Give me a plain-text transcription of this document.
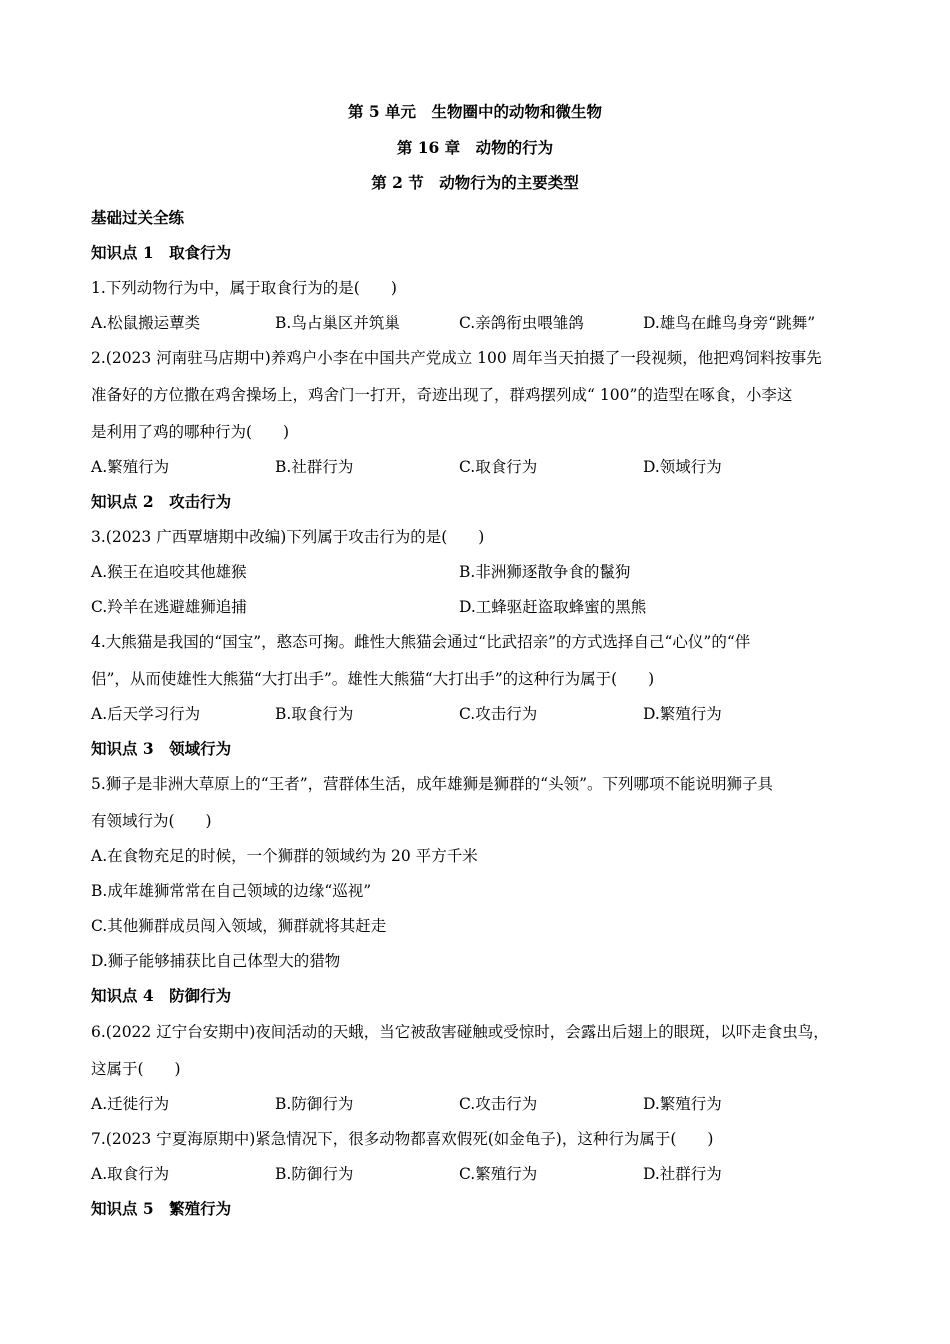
第 5 单元　生物圈中的动物和微生物
第 16 章　动物的行为
第 2 节　动物行为的主要类型
基础过关全练
知识点 1　取食行为
1.下列动物行为中，属于取食行为的是(　　)
A.松鼠搬运蕈类	B.鸟占巢区并筑巢	C.亲鸽衔虫喂雏鸽	D.雄鸟在雌鸟身旁“跳舞”
2.(2023 河南驻马店期中)养鸡户小李在中国共产党成立 100 周年当天拍摄了一段视频，他把鸡饲料按事先
准备好的方位撒在鸡舍操场上，鸡舍门一打开，奇迹出现了，群鸡摆列成“ 100”的造型在啄食，小李这
是利用了鸡的哪种行为(　　)
A.繁殖行为	B.社群行为	C.取食行为	D.领域行为
知识点 2　攻击行为
3.(2023 广西覃塘期中改编)下列属于攻击行为的是(　　)
A.猴王在追咬其他雄猴	B.非洲狮逐散争食的鬣狗
C.羚羊在逃避雄狮追捕	D.工蜂驱赶盗取蜂蜜的黑熊
4.大熊猫是我国的“国宝”，憨态可掬。雌性大熊猫会通过“比武招亲”的方式选择自己“心仪”的“伴
侣”，从而使雄性大熊猫“大打出手”。雄性大熊猫“大打出手”的这种行为属于(　　)
A.后天学习行为	B.取食行为	C.攻击行为	D.繁殖行为
知识点 3　领域行为
5.狮子是非洲大草原上的“王者”，营群体生活，成年雄狮是狮群的“头领”。下列哪项不能说明狮子具
有领域行为(　　)
A.在食物充足的时候，一个狮群的领域约为 20 平方千米
B.成年雄狮常常在自己领域的边缘“巡视”
C.其他狮群成员闯入领域，狮群就将其赶走
D.狮子能够捕获比自己体型大的猎物
知识点 4　防御行为
6.(2022 辽宁台安期中)夜间活动的天蛾，当它被敌害碰触或受惊时，会露出后翅上的眼斑，以吓走食虫鸟，
这属于(　　)
A.迁徙行为	B.防御行为	C.攻击行为	D.繁殖行为
7.(2023 宁夏海原期中)紧急情况下，很多动物都喜欢假死(如金龟子)，这种行为属于(　　)
A.取食行为	B.防御行为	C.繁殖行为	D.社群行为
知识点 5　繁殖行为
